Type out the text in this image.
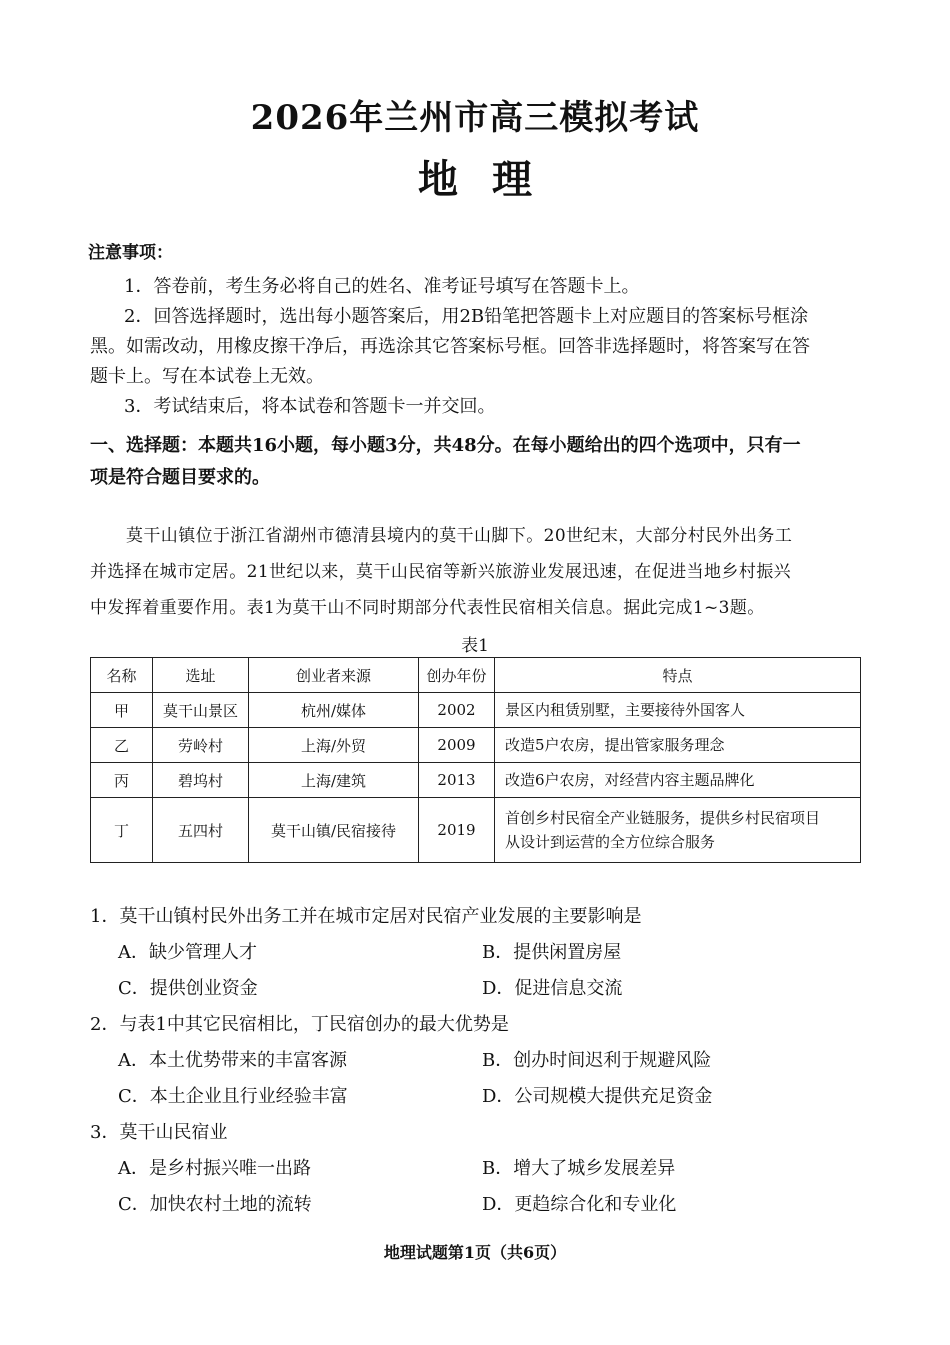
2026年兰州市高三模拟考试
地理
注意事项：
1．答卷前，考生务必将自己的姓名、准考证号填写在答题卡上。
2．回答选择题时，选出每小题答案后，用2B铅笔把答题卡上对应题目的答案标号框涂
黑。如需改动，用橡皮擦干净后，再选涂其它答案标号框。回答非选择题时，将答案写在答
题卡上。写在本试卷上无效。
3．考试结束后，将本试卷和答题卡一并交回。
一、选择题：本题共16小题，每小题3分，共48分。在每小题给出的四个选项中，只有一
项是符合题目要求的。
莫干山镇位于浙江省湖州市德清县境内的莫干山脚下。20世纪末，大部分村民外出务工
并选择在城市定居。21世纪以来，莫干山民宿等新兴旅游业发展迅速，在促进当地乡村振兴
中发挥着重要作用。表1为莫干山不同时期部分代表性民宿相关信息。据此完成1~3题。
表1
名称	选址	创业者来源	创办年份	特点
甲	莫干山景区	杭州/媒体	2002	景区内租赁别墅，主要接待外国客人
乙	劳岭村	上海/外贸	2009	改造5户农房，提出管家服务理念
丙	碧坞村	上海/建筑	2013	改造6户农房，对经营内容主题品牌化
丁	五四村	莫干山镇/民宿接待	2019	首创乡村民宿全产业链服务，提供乡村民宿项目
从设计到运营的全方位综合服务
1．莫干山镇村民外出务工并在城市定居对民宿产业发展的主要影响是
A．缺少管理人才	B．提供闲置房屋
C．提供创业资金	D．促进信息交流
2．与表1中其它民宿相比，丁民宿创办的最大优势是
A．本土优势带来的丰富客源	B．创办时间迟利于规避风险
C．本土企业且行业经验丰富	D．公司规模大提供充足资金
3．莫干山民宿业
A．是乡村振兴唯一出路	B．增大了城乡发展差异
C．加快农村土地的流转	D．更趋综合化和专业化
地理试题第1页（共6页）
